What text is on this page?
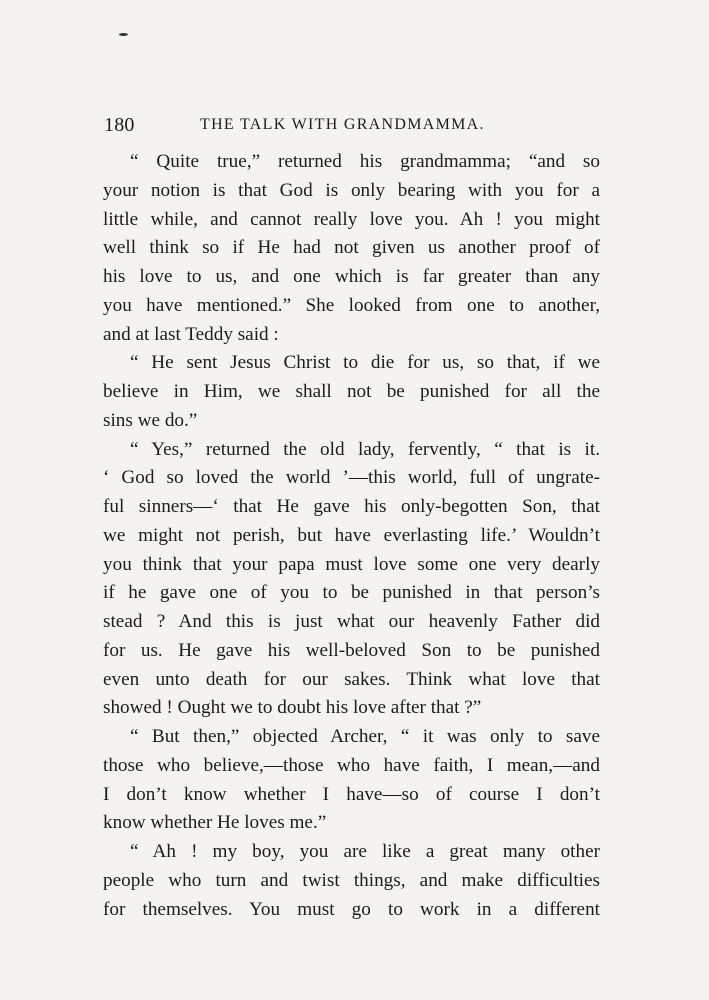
180	THE TALK WITH GRANDMAMMA.
“ Quite true,” returned his grandmamma; “and so
your notion is that God is only bearing with you for a
little while, and cannot really love you. Ah ! you might
well think so if He had not given us another proof of
his love to us, and one which is far greater than any
you have mentioned.” She looked from one to another,
and at last Teddy said :
“ He sent Jesus Christ to die for us, so that, if we
believe in Him, we shall not be punished for all the
sins we do.”
“ Yes,” returned the old lady, fervently, “ that is it.
‘ God so loved the world ’—this world, full of ungrate-
ful sinners—‘ that He gave his only-begotten Son, that
we might not perish, but have everlasting life.’ Wouldn’t
you think that your papa must love some one very dearly
if he gave one of you to be punished in that person’s
stead ? And this is just what our heavenly Father did
for us. He gave his well-beloved Son to be punished
even unto death for our sakes. Think what love that
showed ! Ought we to doubt his love after that ?”
“ But then,” objected Archer, “ it was only to save
those who believe,—those who have faith, I mean,—and
I don’t know whether I have—so of course I don’t
know whether He loves me.”
“ Ah ! my boy, you are like a great many other
people who turn and twist things, and make difficulties
for themselves. You must go to work in a different
